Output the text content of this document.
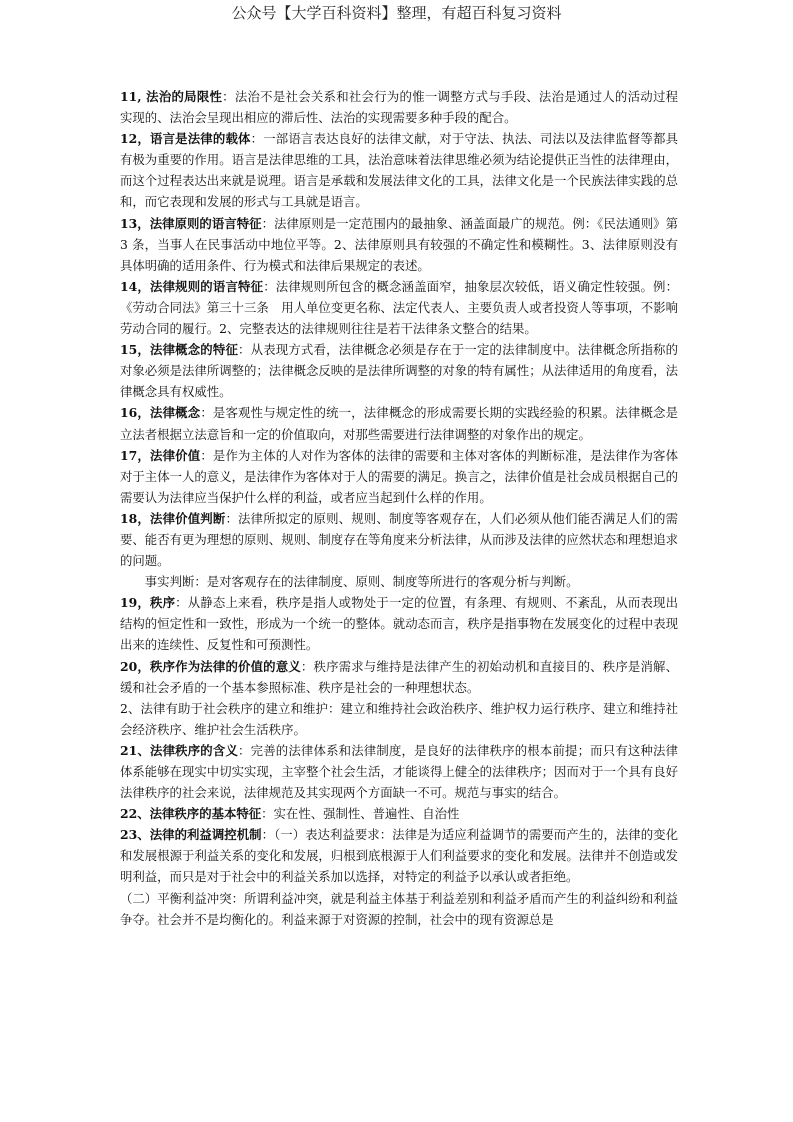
公众号【大学百科资料】整理，有超百科复习资料

11, 法治的局限性：法治不是社会关系和社会行为的惟一调整方式与手段、法治是通过人的活动过程实现的、法治会呈现出相应的滞后性、法治的实现需要多种手段的配合。

12，语言是法律的载体：一部语言表达良好的法律文献，对于守法、执法、司法以及法律监督等都具有极为重要的作用。语言是法律思维的工具，法治意味着法律思维必须为结论提供正当性的法律理由，而这个过程表达出来就是说理。语言是承载和发展法律文化的工具，法律文化是一个民族法律实践的总和，而它表现和发展的形式与工具就是语言。

13，法律原则的语言特征：法律原则是一定范围内的最抽象、涵盖面最广的规范。例：《民法通则》第 3 条，当事人在民事活动中地位平等。2、法律原则具有较强的不确定性和模糊性。3、法律原则没有具体明确的适用条件、行为模式和法律后果规定的表述。

14，法律规则的语言特征：法律规则所包含的概念涵盖面窄，抽象层次较低，语义确定性较强。例：《劳动合同法》第三十三条　用人单位变更名称、法定代表人、主要负责人或者投资人等事项，不影响劳动合同的履行。2、完整表达的法律规则往往是若干法律条文整合的结果。

15，法律概念的特征：从表现方式看，法律概念必须是存在于一定的法律制度中。法律概念所指称的对象必须是法律所调整的；法律概念反映的是法律所调整的对象的特有属性；从法律适用的角度看，法律概念具有权威性。

16，法律概念：是客观性与规定性的统一，法律概念的形成需要长期的实践经验的积累。法律概念是立法者根据立法意旨和一定的价值取向，对那些需要进行法律调整的对象作出的规定。

17，法律价值：是作为主体的人对作为客体的法律的需要和主体对客体的判断标准，是法律作为客体对于主体一人的意义，是法律作为客体对于人的需要的满足。换言之，法律价值是社会成员根据自己的需要认为法律应当保护什么样的利益，或者应当起到什么样的作用。

18，法律价值判断：法律所拟定的原则、规则、制度等客观存在，人们必须从他们能否满足人们的需要、能否有更为理想的原则、规则、制度存在等角度来分析法律，从而涉及法律的应然状态和理想追求的问题。

事实判断：是对客观存在的法律制度、原则、制度等所进行的客观分析与判断。

19，秩序：从静态上来看，秩序是指人或物处于一定的位置，有条理、有规则、不紊乱，从而表现出结构的恒定性和一致性，形成为一个统一的整体。就动态而言，秩序是指事物在发展变化的过程中表现出来的连续性、反复性和可预测性。

20，秩序作为法律的价值的意义：秩序需求与维持是法律产生的初始动机和直接目的、秩序是消解、缓和社会矛盾的一个基本参照标准、秩序是社会的一种理想状态。

2、法律有助于社会秩序的建立和维护：建立和维持社会政治秩序、维护权力运行秩序、建立和维持社会经济秩序、维护社会生活秩序。

21、法律秩序的含义：完善的法律体系和法律制度，是良好的法律秩序的根本前提；而只有这种法律体系能够在现实中切实实现，主宰整个社会生活，才能谈得上健全的法律秩序；因而对于一个具有良好法律秩序的社会来说，法律规范及其实现两个方面缺一不可。规范与事实的结合。

22、法律秩序的基本特征：实在性、强制性、普遍性、自治性

23、法律的利益调控机制：（一）表达利益要求：法律是为适应利益调节的需要而产生的，法律的变化和发展根源于利益关系的变化和发展，归根到底根源于人们利益要求的变化和发展。法律并不创造或发明利益，而只是对于社会中的利益关系加以选择，对特定的利益予以承认或者拒绝。

（二）平衡利益冲突：所谓利益冲突，就是利益主体基于利益差别和利益矛盾而产生的利益纠纷和利益争夺。社会并不是均衡化的。利益来源于对资源的控制，社会中的现有资源总是
